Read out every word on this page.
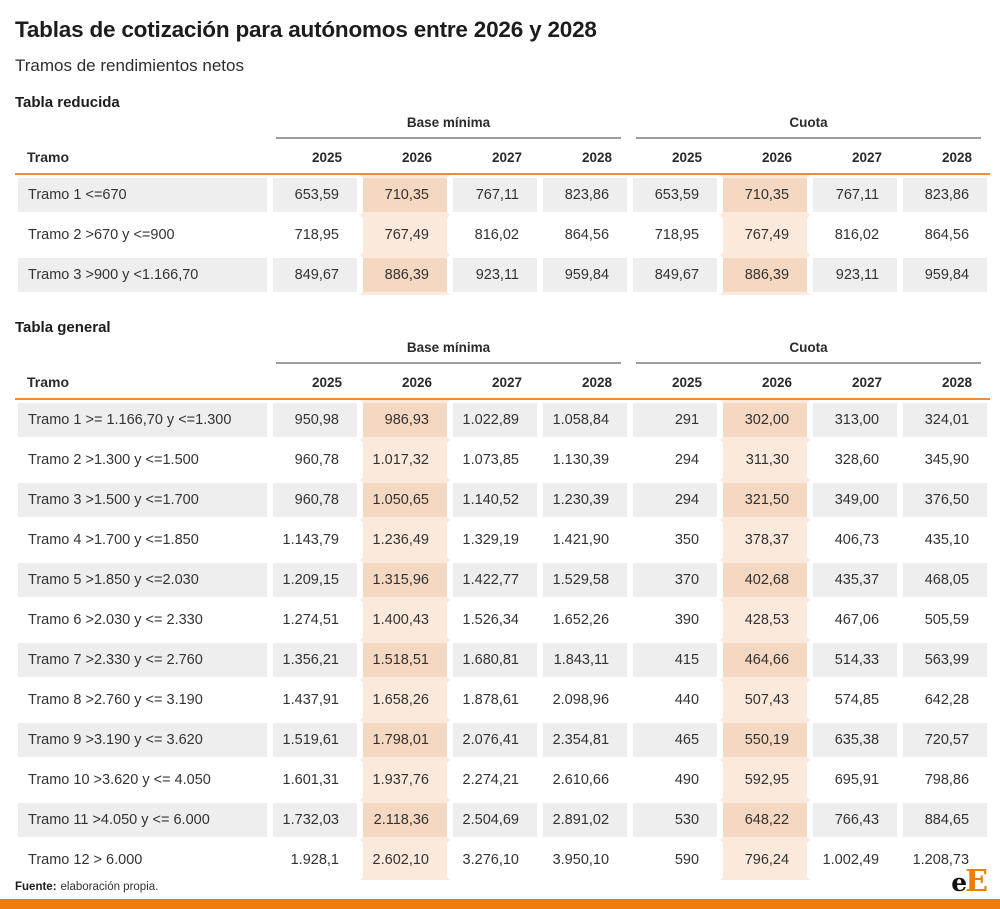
Tablas de cotización para autónomos entre 2026 y 2028
Tramos de rendimientos netos
Tabla reducida

	Base mínima				Cuota			

Tramo	2025	2026	2027	2028	2025	2026	2027	2028
Tramo 1 <=670	653,59	710,35	767,11	823,86	653,59	710,35	767,11	823,86
Tramo 2 >670 y <=900	718,95	767,49	816,02	864,56	718,95	767,49	816,02	864,56
Tramo 3 >900 y <1.166,70	849,67	886,39	923,11	959,84	849,67	886,39	923,11	959,84
Tabla general

	Base mínima				Cuota			

Tramo	2025	2026	2027	2028	2025	2026	2027	2028
Tramo 1 >= 1.166,70 y <=1.300	950,98	986,93	1.022,89	1.058,84	291	302,00	313,00	324,01
Tramo 2 >1.300 y <=1.500	960,78	1.017,32	1.073,85	1.130,39	294	311,30	328,60	345,90
Tramo 3 >1.500 y <=1.700	960,78	1.050,65	1.140,52	1.230,39	294	321,50	349,00	376,50
Tramo 4 >1.700 y <=1.850	1.143,79	1.236,49	1.329,19	1.421,90	350	378,37	406,73	435,10
Tramo 5 >1.850 y <=2.030	1.209,15	1.315,96	1.422,77	1.529,58	370	402,68	435,37	468,05
Tramo 6 >2.030 y <= 2.330	1.274,51	1.400,43	1.526,34	1.652,26	390	428,53	467,06	505,59
Tramo 7 >2.330 y <= 2.760	1.356,21	1.518,51	1.680,81	1.843,11	415	464,66	514,33	563,99
Tramo 8 >2.760 y <= 3.190	1.437,91	1.658,26	1.878,61	2.098,96	440	507,43	574,85	642,28
Tramo 9 >3.190 y <= 3.620	1.519,61	1.798,01	2.076,41	2.354,81	465	550,19	635,38	720,57
Tramo 10 >3.620 y <= 4.050	1.601,31	1.937,76	2.274,21	2.610,66	490	592,95	695,91	798,86
Tramo 11 >4.050 y <= 6.000	1.732,03	2.118,36	2.504,69	2.891,02	530	648,22	766,43	884,65
Tramo 12 > 6.000	1.928,1	2.602,10	3.276,10	3.950,10	590	796,24	1.002,49	1.208,73
Fuente: elaboración propia.	eE
